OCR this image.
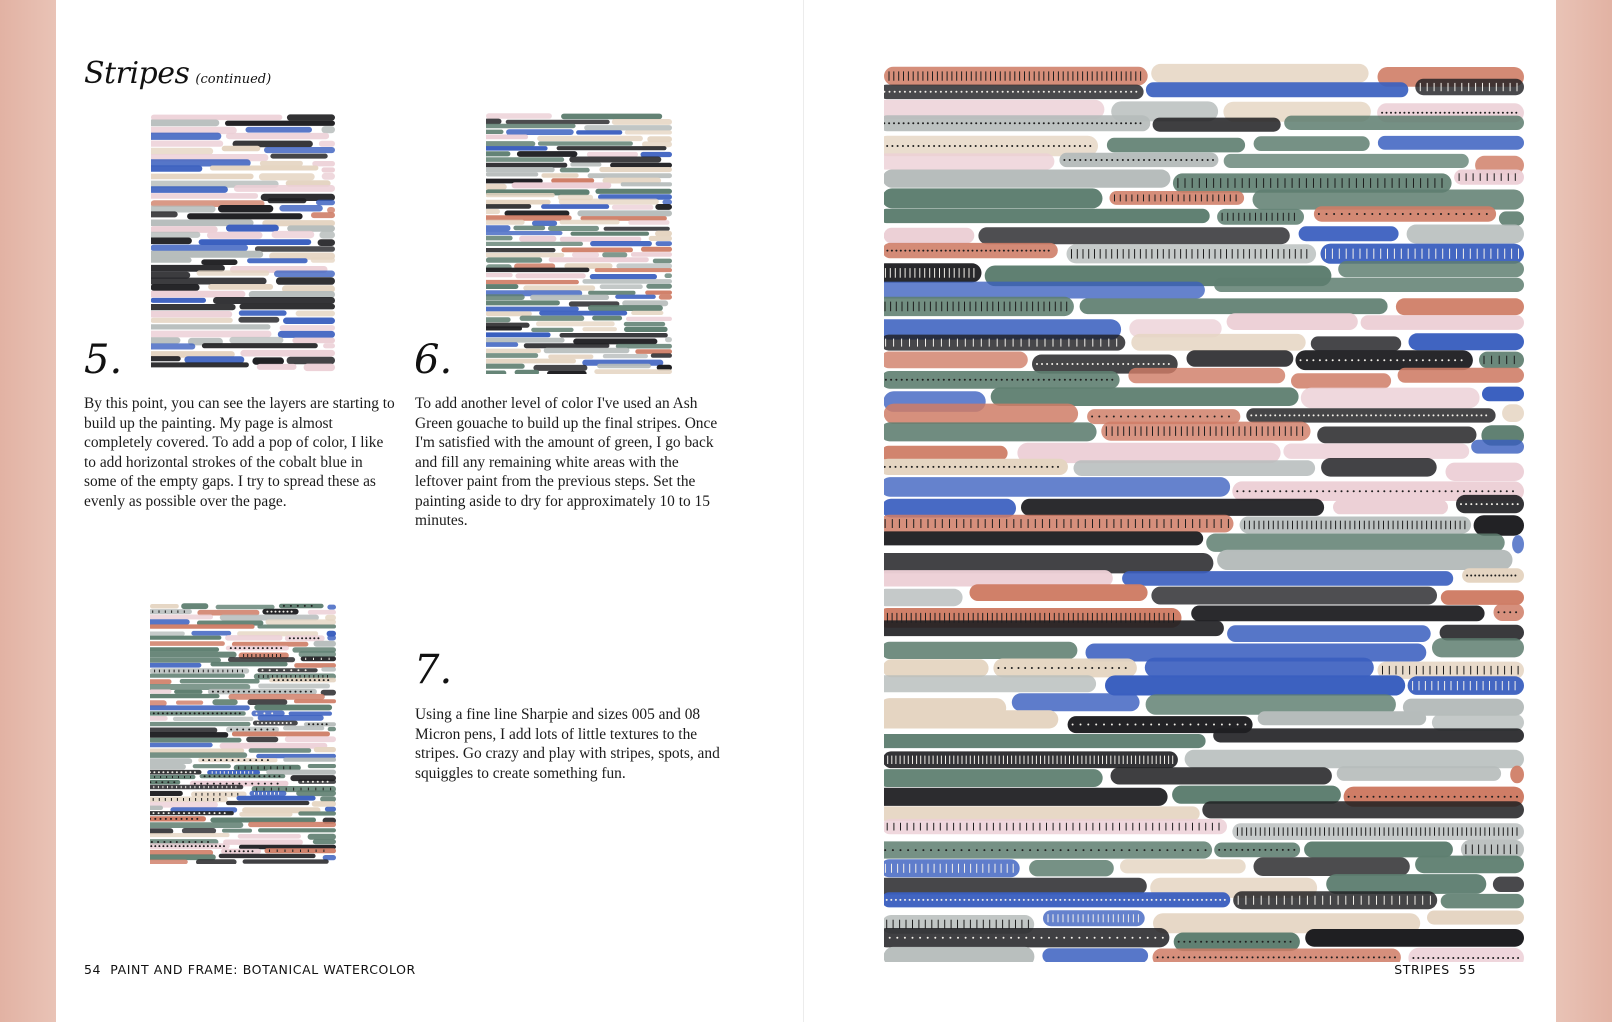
Stripes (continued)
5.

By this point, you can see the layers are starting to build up the painting. My page is almost completely covered. To add a pop of color, I like to add horizontal strokes of the cobalt blue in some of the empty gaps. I try to spread these as evenly as possible over the page.

6.

To add another level of color I've used an Ash Green gouache to build up the final stripes. Once I'm satisfied with the amount of green, I go back and fill any remaining white areas with the leftover paint from the previous steps. Set the painting aside to dry for approximately 10 to 15 minutes.

7.

Using a fine line Sharpie and sizes 005 and 08 Micron pens, I add lots of little textures to the stripes. Go crazy and play with stripes, spots, and squiggles to create something fun.

54 PAINT AND FRAME: BOTANICAL WATERCOLOR	STRIPES 55
